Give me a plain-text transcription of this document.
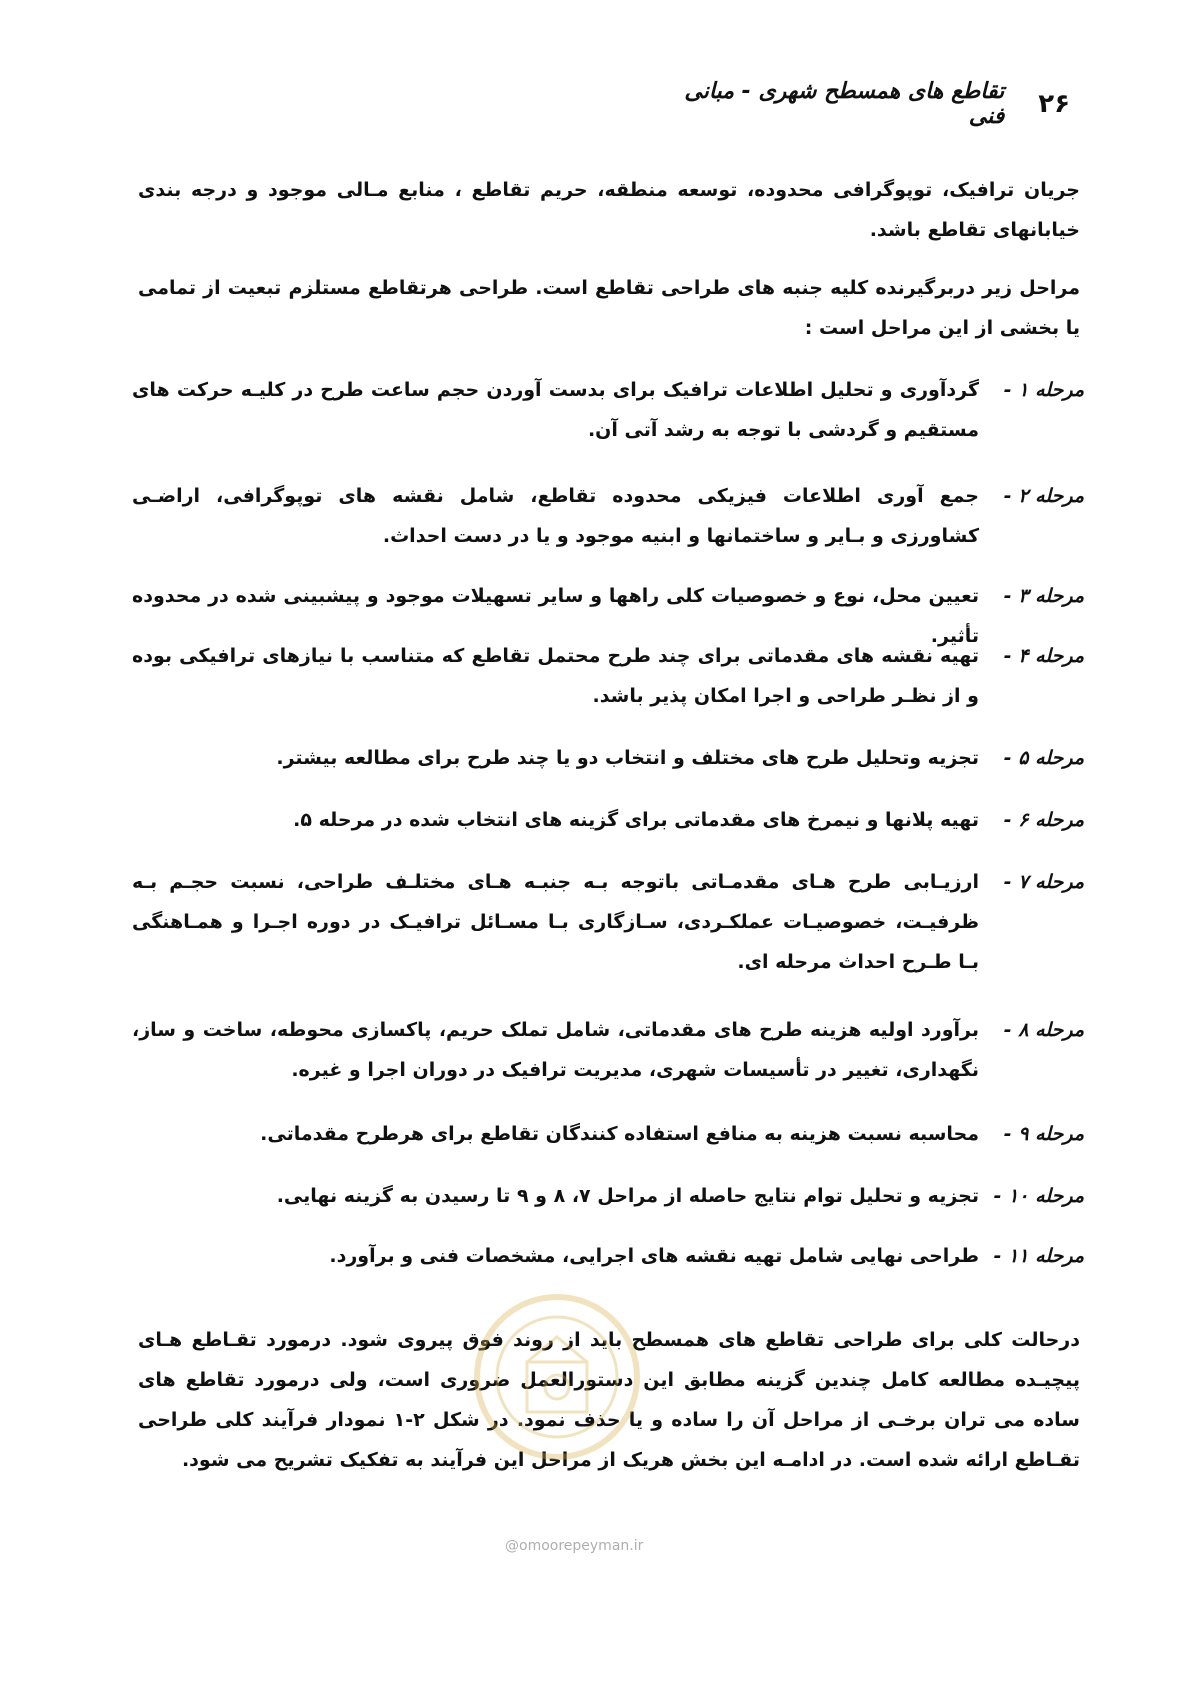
۲۶
تقاطع های همسطح شهری - مبانی فنی
جریان ترافیک، توپوگرافی محدوده، توسعه منطقه، حریم تقاطع ، منابع مـالی موجود و درجه بندی خیابانهای تقاطع باشد.
مراحل زیر دربرگیرنده کلیه جنبه های طراحی تقاطع است. طراحی هرتقاطع مستلزم تبعیت از تمامی یا بخشی از این مراحل است :
مرحله ۱ -
گردآوری و تحلیل اطلاعات ترافیک برای بدست آوردن حجم ساعت طرح در کلیـه حرکت های مستقیم و گردشی با توجه به رشد آتی آن.
مرحله ۲ -
جمع آوری اطلاعات فیزیکی محدوده تقاطع، شامل نقشه های توپوگرافی، اراضـی کشاورزی و بـایر و ساختمانها و ابنیه موجود و یا در دست احداث.
مرحله ۳ -
تعیین محل، نوع و خصوصیات کلی راهها و سایر تسهیلات موجود و پیشبینی شده در محدوده تأثیر.
مرحله ۴ -
تهیه نقشه های مقدماتی برای چند طرح محتمل تقاطع که متناسب با نیازهای ترافیکی بوده و از نظـر طراحی و اجرا امکان پذیر باشد.
مرحله ۵ -
تجزیه وتحلیل طرح های مختلف و انتخاب دو یا چند طرح برای مطالعه بیشتر.
مرحله ۶ -
تهیه پلانها و نیمرخ های مقدماتی برای گزینه های انتخاب شده در مرحله ۵.
مرحله ۷ -
ارزیـابی طرح هـای مقدمـاتی باتوجه بـه جنبـه هـای مختلـف طراحی، نسبت حجـم بـه ظرفیـت، خصوصیـات عملکـردی، سـازگاری بـا مسـائل ترافیـک در دوره اجـرا و همـاهنگی بـا طـرح احداث مرحله ای.
مرحله ۸ -
برآورد اولیه هزینه طرح های مقدماتی، شامل تملک حریم، پاکسازی محوطه، ساخت و ساز، نگهداری، تغییر در تأسیسات شهری، مدیریت ترافیک در دوران اجرا و غیره.
مرحله ۹ -
محاسبه نسبت هزینه به منافع استفاده کنندگان تقاطع برای هرطرح مقدماتی.
مرحله ۱۰ -
تجزیه و تحلیل توام نتایج حاصله از مراحل ۷، ۸ و ۹ تا رسیدن به گزینه نهایی.
مرحله ۱۱ -
طراحی نهایی شامل تهیه نقشه های اجرایی، مشخصات فنی و برآورد.
درحالت کلی برای طراحی تقاطع های همسطح باید از روند فوق پیروی شود. درمورد تقـاطع هـای پیچیـده مطالعه کامل چندین گزینه مطابق این دستورالعمل ضروری است، ولی درمورد تقاطع های ساده می تران برخـی از مراحل آن را ساده و یا حذف نمود. در شکل ۲-۱ نمودار فرآیند کلی طراحی تقـاطع ارائه شده است. در ادامـه این بخش هریک از مراحل این فرآیند به تفکیک تشریح می شود.
@omoorepeyman.ir
